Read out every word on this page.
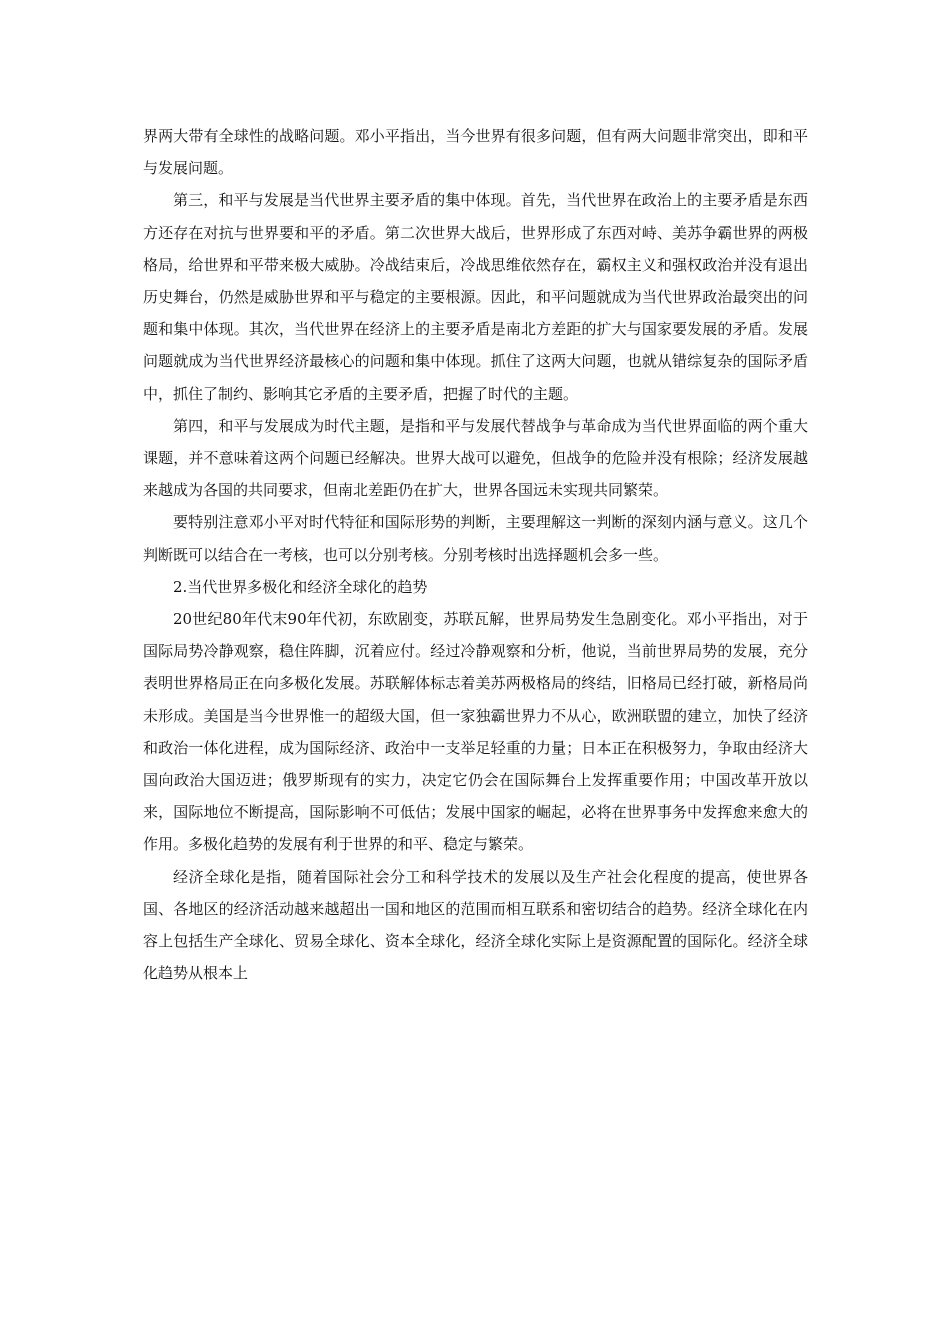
界两大带有全球性的战略问题。邓小平指出，当今世界有很多问题，但有两大问题非常突出，即和平与发展问题。

第三，和平与发展是当代世界主要矛盾的集中体现。首先，当代世界在政治上的主要矛盾是东西方还存在对抗与世界要和平的矛盾。第二次世界大战后，世界形成了东西对峙、美苏争霸世界的两极格局，给世界和平带来极大威胁。冷战结束后，冷战思维依然存在，霸权主义和强权政治并没有退出历史舞台，仍然是威胁世界和平与稳定的主要根源。因此，和平问题就成为当代世界政治最突出的问题和集中体现。其次，当代世界在经济上的主要矛盾是南北方差距的扩大与国家要发展的矛盾。发展问题就成为当代世界经济最核心的问题和集中体现。抓住了这两大问题，也就从错综复杂的国际矛盾中，抓住了制约、影响其它矛盾的主要矛盾，把握了时代的主题。

第四，和平与发展成为时代主题，是指和平与发展代替战争与革命成为当代世界面临的两个重大课题，并不意味着这两个问题已经解决。世界大战可以避免，但战争的危险并没有根除；经济发展越来越成为各国的共同要求，但南北差距仍在扩大，世界各国远未实现共同繁荣。

要特别注意邓小平对时代特征和国际形势的判断，主要理解这一判断的深刻内涵与意义。这几个判断既可以结合在一考核，也可以分别考核。分别考核时出选择题机会多一些。

2.当代世界多极化和经济全球化的趋势

20世纪80年代末90年代初，东欧剧变，苏联瓦解，世界局势发生急剧变化。邓小平指出，对于国际局势冷静观察，稳住阵脚，沉着应付。经过冷静观察和分析，他说，当前世界局势的发展，充分表明世界格局正在向多极化发展。苏联解体标志着美苏两极格局的终结，旧格局已经打破，新格局尚未形成。美国是当今世界惟一的超级大国，但一家独霸世界力不从心，欧洲联盟的建立，加快了经济和政治一体化进程，成为国际经济、政治中一支举足轻重的力量；日本正在积极努力，争取由经济大国向政治大国迈进；俄罗斯现有的实力，决定它仍会在国际舞台上发挥重要作用；中国改革开放以来，国际地位不断提高，国际影响不可低估；发展中国家的崛起，必将在世界事务中发挥愈来愈大的作用。多极化趋势的发展有利于世界的和平、稳定与繁荣。

经济全球化是指，随着国际社会分工和科学技术的发展以及生产社会化程度的提高，使世界各国、各地区的经济活动越来越超出一国和地区的范围而相互联系和密切结合的趋势。经济全球化在内容上包括生产全球化、贸易全球化、资本全球化，经济全球化实际上是资源配置的国际化。经济全球化趋势从根本上
